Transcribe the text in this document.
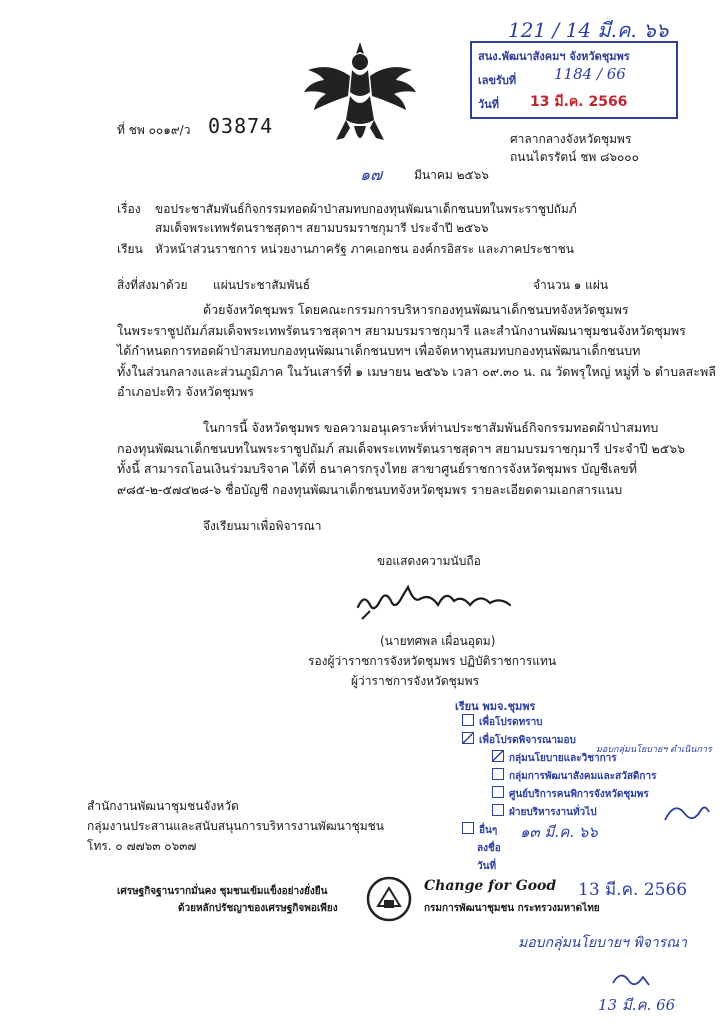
121 / 14 มี.ค. ๖๖
สนง.พัฒนาสังคมฯ จังหวัดชุมพร
เลขรับที่	1184 / 66
วันที่ 13 มี.ค. 2566
ที่ ชพ ๐๐๑๙/ว 03874
ศาลากลางจังหวัดชุมพร
ถนนไตรรัตน์ ชพ ๘๖๐๐๐
๑๗	มีนาคม ๒๕๖๖
เรื่อง ขอประชาสัมพันธ์กิจกรรมทอดผ้าป่าสมทบกองทุนพัฒนาเด็กชนบทในพระราชูปถัมภ์
สมเด็จพระเทพรัตนราชสุดาฯ สยามบรมราชกุมารี ประจำปี ๒๕๖๖
เรียน หัวหน้าส่วนราชการ หน่วยงานภาครัฐ ภาคเอกชน องค์กรอิสระ และภาคประชาชน
สิ่งที่ส่งมาด้วย แผ่นประชาสัมพันธ์	จำนวน ๑ แผ่น
ด้วยจังหวัดชุมพร โดยคณะกรรมการบริหารกองทุนพัฒนาเด็กชนบทจังหวัดชุมพร
ในพระราชูปถัมภ์สมเด็จพระเทพรัตนราชสุดาฯ สยามบรมราชกุมารี และสำนักงานพัฒนาชุมชนจังหวัดชุมพร
ได้กำหนดการทอดผ้าป่าสมทบกองทุนพัฒนาเด็กชนบทฯ เพื่อจัดหาทุนสมทบกองทุนพัฒนาเด็กชนบท
ทั้งในส่วนกลางและส่วนภูมิภาค ในวันเสาร์ที่ ๑ เมษายน ๒๕๖๖ เวลา ๐๙.๓๐ น. ณ วัดพรุใหญ่ หมู่ที่ ๖ ตำบลสะพลี
อำเภอปะทิว จังหวัดชุมพร
ในการนี้ จังหวัดชุมพร ขอความอนุเคราะห์ท่านประชาสัมพันธ์กิจกรรมทอดผ้าป่าสมทบ
กองทุนพัฒนาเด็กชนบทในพระราชูปถัมภ์ สมเด็จพระเทพรัตนราชสุดาฯ สยามบรมราชกุมารี ประจำปี ๒๕๖๖
ทั้งนี้ สามารถโอนเงินร่วมบริจาค ได้ที่ ธนาคารกรุงไทย สาขาศูนย์ราชการจังหวัดชุมพร บัญชีเลขที่
๙๘๕-๒-๕๗๔๒๘-๖ ชื่อบัญชี กองทุนพัฒนาเด็กชนบทจังหวัดชุมพร รายละเอียดตามเอกสารแนบ
จึงเรียนมาเพื่อพิจารณา
ขอแสดงความนับถือ
(นายทศพล เผื่อนอุดม)
รองผู้ว่าราชการจังหวัดชุมพร ปฏิบัติราชการแทน
ผู้ว่าราชการจังหวัดชุมพร
เรียน พมจ.ชุมพร
เพื่อโปรดทราบ
เพื่อโปรดพิจารณามอบ
กลุ่มนโยบายและวิชาการ
กลุ่มการพัฒนาสังคมและสวัสดิการ
ศูนย์บริการคนพิการจังหวัดชุมพร
ฝ่ายบริหารงานทั่วไป
อื่นๆ
ลงชื่อ
วันที่
มอบกลุ่มนโยบายฯ ดำเนินการ
๑๓ มี.ค. ๖๖
สำนักงานพัฒนาชุมชนจังหวัด
กลุ่มงานประสานและสนับสนุนการบริหารงานพัฒนาชุมชน
โทร. ๐ ๗๗๖๓ ๐๖๓๗
เศรษฐกิจฐานรากมั่นคง ชุมชนเข้มแข็งอย่างยั่งยืน
ด้วยหลักปรัชญาของเศรษฐกิจพอเพียง
Change for Good
กรมการพัฒนาชุมชน กระทรวงมหาดไทย
13 มี.ค. 2566
มอบกลุ่มนโยบายฯ พิจารณา
13 มี.ค. 66
